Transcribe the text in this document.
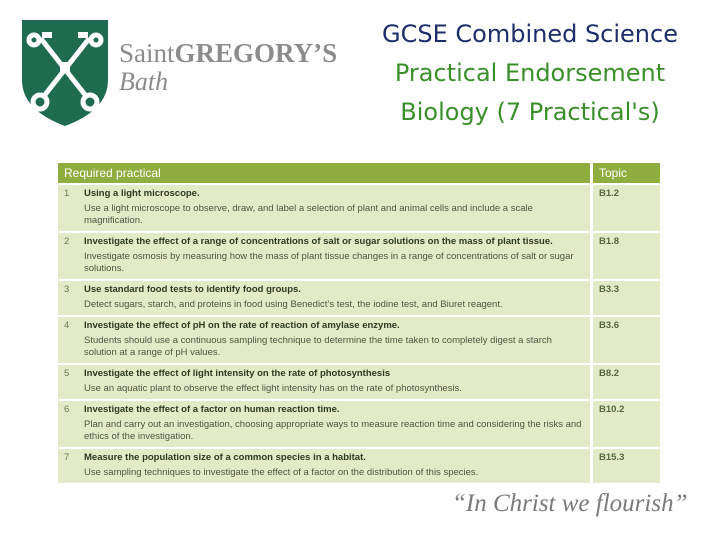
SaintGREGORY’S
Bath
GCSE Combined Science
Practical Endorsement
Biology (7 Practical's)
Required practical		Topic
1	Using a light microscope.
Use a light microscope to observe, draw, and label a selection of plant and animal cells and include a scale magnification.	B1.2
2	Investigate the effect of a range of concentrations of salt or sugar solutions on the mass of plant tissue.
Investigate osmosis by measuring how the mass of plant tissue changes in a range of concentrations of salt or sugar solutions.	B1.8
3	Use standard food tests to identify food groups.
Detect sugars, starch, and proteins in food using Benedict’s test, the iodine test, and Biuret reagent.	B3.3
4	Investigate the effect of pH on the rate of reaction of amylase enzyme.
Students should use a continuous sampling technique to determine the time taken to completely digest a starch solution at a range of pH values.	B3.6
5	Investigate the effect of light intensity on the rate of photosynthesis
Use an aquatic plant to observe the effect light intensity has on the rate of photosynthesis.	B8.2
6	Investigate the effect of a factor on human reaction time.
Plan and carry out an investigation, choosing appropriate ways to measure reaction time and considering the risks and ethics of the investigation.	B10.2
7	Measure the population size of a common species in a habitat.
Use sampling techniques to investigate the effect of a factor on the distribution of this species.	B15.3
“In Christ we flourish”
